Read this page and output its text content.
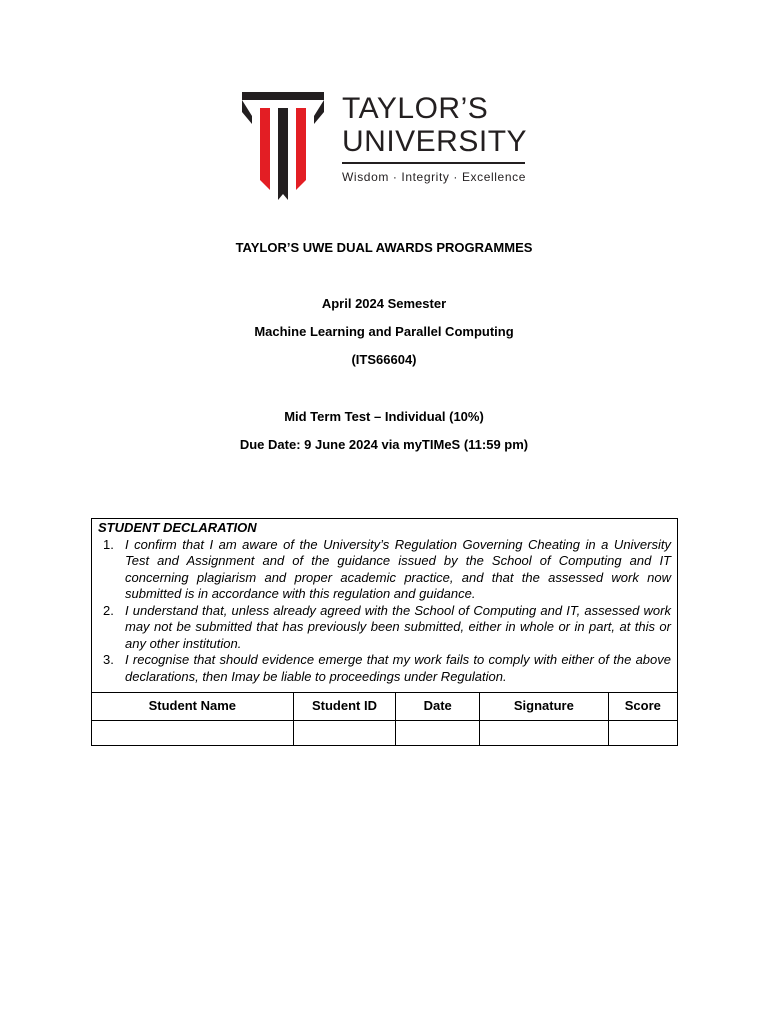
TAYLOR’S
UNIVERSITY
Wisdom · Integrity · Excellence
TAYLOR’S UWE DUAL AWARDS PROGRAMMES
April 2024 Semester
Machine Learning and Parallel Computing
(ITS66604)
Mid Term Test – Individual (10%)
Due Date: 9 June 2024 via myTIMeS (11:59 pm)
STUDENT DECLARATION
1. I confirm that I am aware of the University’s Regulation Governing Cheating in a University Test and Assignment and of the guidance issued by the School of Computing and IT concerning plagiarism and proper academic practice, and that the assessed work now submitted is in accordance with this regulation and guidance.
2. I understand that, unless already agreed with the School of Computing and IT, assessed work may not be submitted that has previously been submitted, either in whole or in part, at this or any other institution.
3. I recognise that should evidence emerge that my work fails to comply with either of the above declarations, then Imay be liable to proceedings under Regulation.
Student Name	Student ID	Date	Signature	Score
